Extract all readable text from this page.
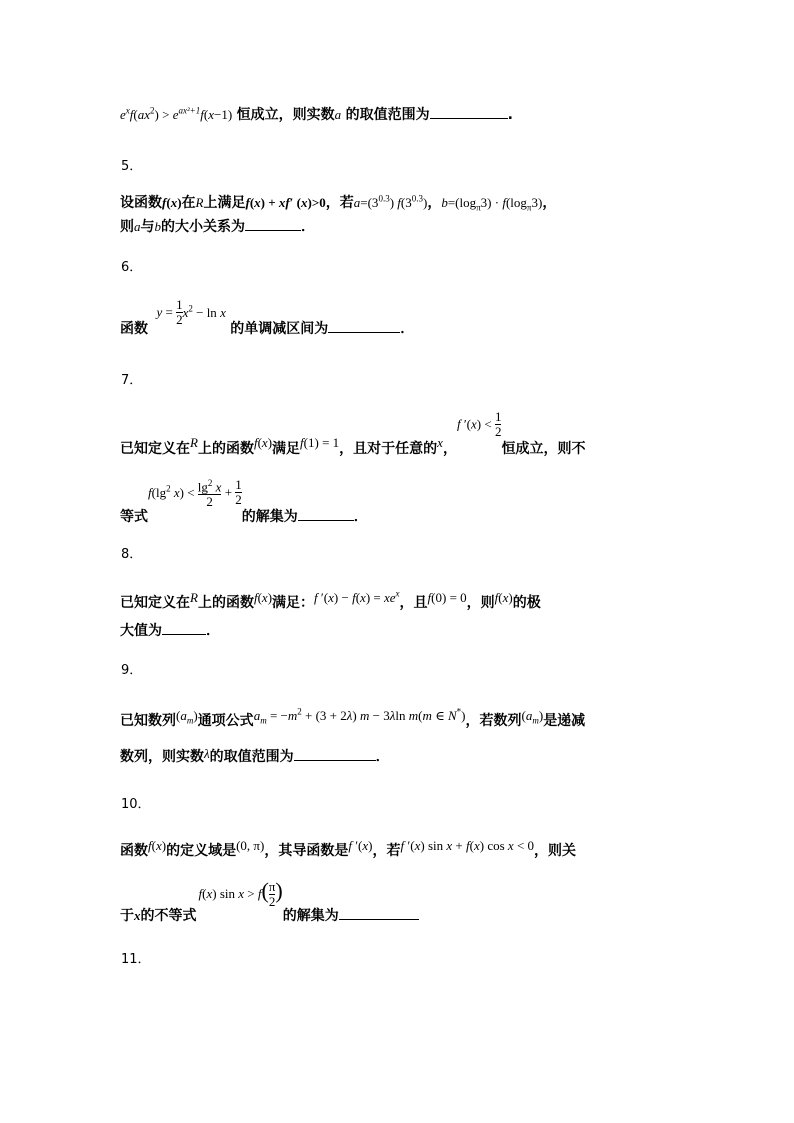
$e^xf(ax^2) > e^{ax^2+1}f(x-1)$ 恒成立，则实数a 的取值范围为	.
5．
设函数f(x)在R上满足f(x) + xf′ (x)>0，若$a=(3^{0.3})$ $f(3^{0.3})$，$b=(\log_\pi 3) \cdot f(\log_\pi 3)$，
则a与b的大小关系为	．
6．
函数 $y = \frac{1}{2} x^2 - \ln x$ 的单调减区间为	．
7．
已知定义在R上的函数f(x)满足f(1) = 1，且对于任意的x，f $'(x) < \frac{1}{2}$
恒成立，则不
等式$f(\lg^2$ $x) < \frac{\lg^2 x}{2} + \frac{1}{2}$
的解集为	．
8．
已知定义在R上的函数f(x)满足：f $'(x) - f(x) = xe^x$，且f(0) = 0，则f(x)的极
大值为	．
9．
已知数列$(a_m)$通项公式$a_m = -m^2 + (3 + 2\lambda) m - 3\lambda\ln$ m(m ∈ N*)，若数列$(a_m)$是递减
数列，则实数λ的取值范围为	．
10．
函数f(x)的定义域是(0, π)，其导函数是f ′(x)，若f ′(x) sin x + f(x) cos x < 0，则关
于x的不等式f(x) $\sin x > f( \frac{\pi}{2}$ )的解集为
11．
